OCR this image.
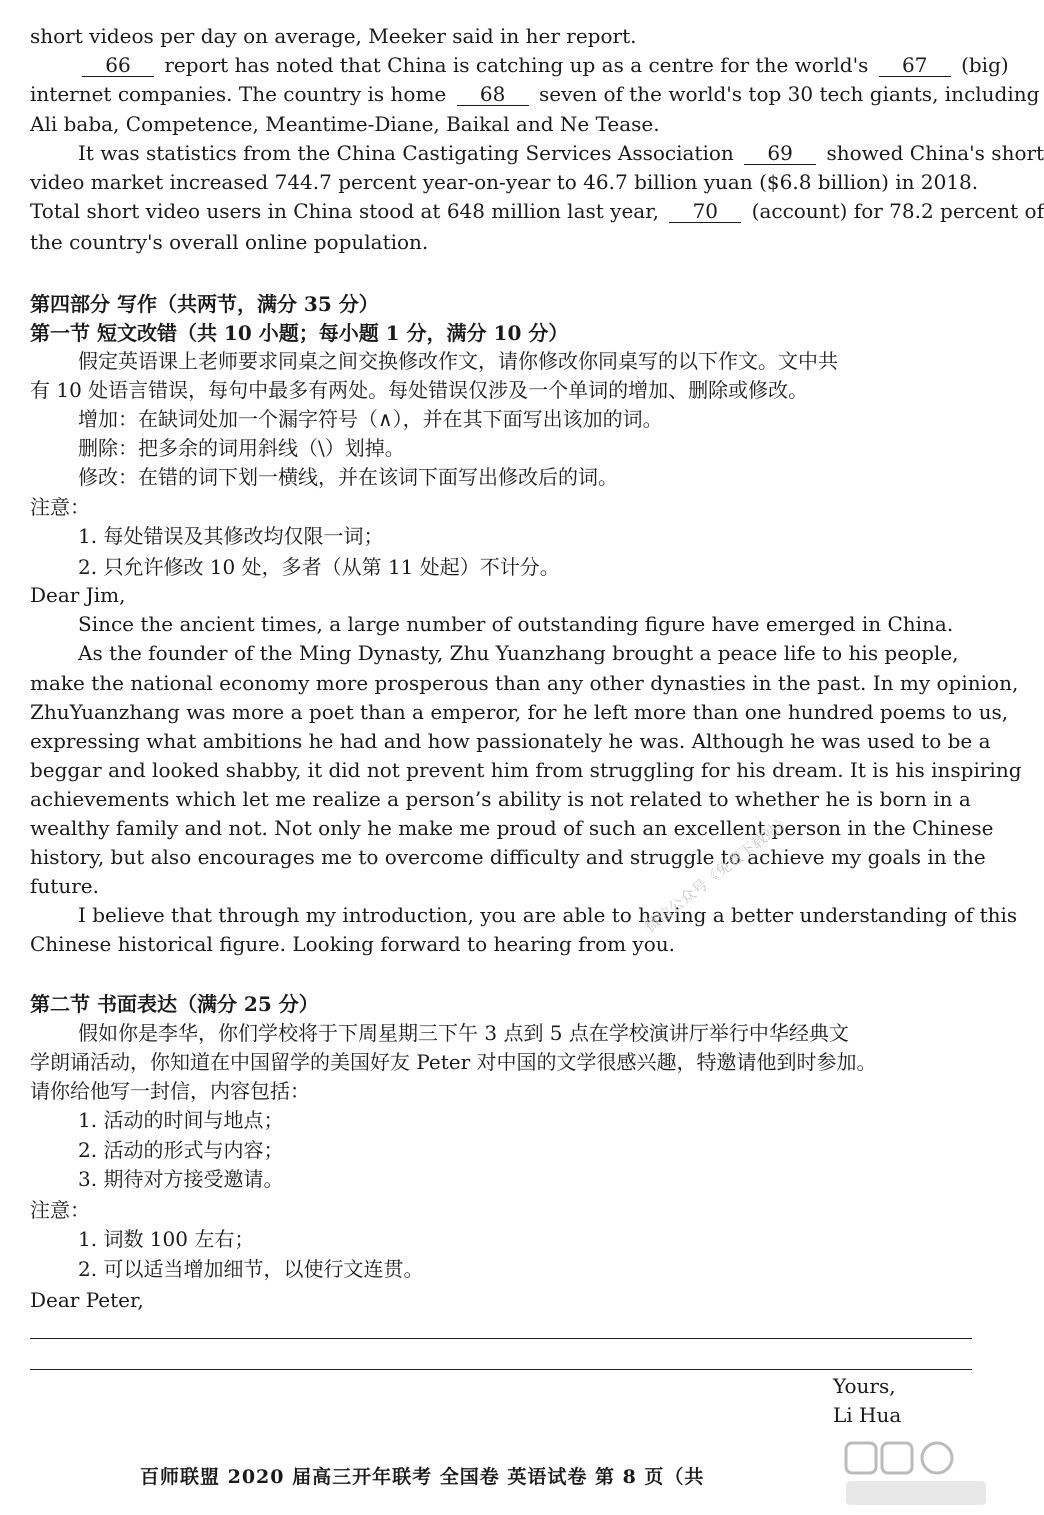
short videos per day on average, Meeker said in her report.
66 report has noted that China is catching up as a centre for the world's 67 (big)
internet companies. The country is home 68 seven of the world's top 30 tech giants, including
Ali baba, Competence, Meantime-Diane, Baikal and Ne Tease.
It was statistics from the China Castigating Services Association 69 showed China's short
video market increased 744.7 percent year-on-year to 46.7 billion yuan ($6.8 billion) in 2018.
Total short video users in China stood at 648 million last year, 70 (account) for 78.2 percent of
the country's overall online population.
第四部分 写作（共两节，满分 35 分）
第一节 短文改错（共 10 小题；每小题 1 分，满分 10 分）
假定英语课上老师要求同桌之间交换修改作文，请你修改你同桌写的以下作文。文中共
有 10 处语言错误，每句中最多有两处。每处错误仅涉及一个单词的增加、删除或修改。
增加：在缺词处加一个漏字符号（∧），并在其下面写出该加的词。
删除：把多余的词用斜线（\）划掉。
修改：在错的词下划一横线，并在该词下面写出修改后的词。
注意：
1. 每处错误及其修改均仅限一词；
2. 只允许修改 10 处，多者（从第 11 处起）不计分。
Dear Jim,
Since the ancient times, a large number of outstanding figure have emerged in China.
As the founder of the Ming Dynasty, Zhu Yuanzhang brought a peace life to his people,
make the national economy more prosperous than any other dynasties in the past. In my opinion,
ZhuYuanzhang was more a poet than a emperor, for he left more than one hundred poems to us,
expressing what ambitions he had and how passionately he was. Although he was used to be a
beggar and looked shabby, it did not prevent him from struggling for his dream. It is his inspiring
achievements which let me realize a person’s ability is not related to whether he is born in a
wealthy family and not. Not only he make me proud of such an excellent person in the Chinese
history, but also encourages me to overcome difficulty and struggle to achieve my goals in the
future.
I believe that through my introduction, you are able to having a better understanding of this
Chinese historical figure. Looking forward to hearing from you.
微信公众号《免费下载站》
第二节 书面表达（满分 25 分）
假如你是李华，你们学校将于下周星期三下午 3 点到 5 点在学校演讲厅举行中华经典文
学朗诵活动，你知道在中国留学的美国好友 Peter 对中国的文学很感兴趣，特邀请他到时参加。
请你给他写一封信，内容包括：
1. 活动的时间与地点；
2. 活动的形式与内容；
3. 期待对方接受邀请。
注意：
1. 词数 100 左右；
2. 可以适当增加细节，以使行文连贯。
Dear Peter,
Yours,
Li Hua
百师联盟 2020 届高三开年联考 全国卷 英语试卷 第 8 页（共
